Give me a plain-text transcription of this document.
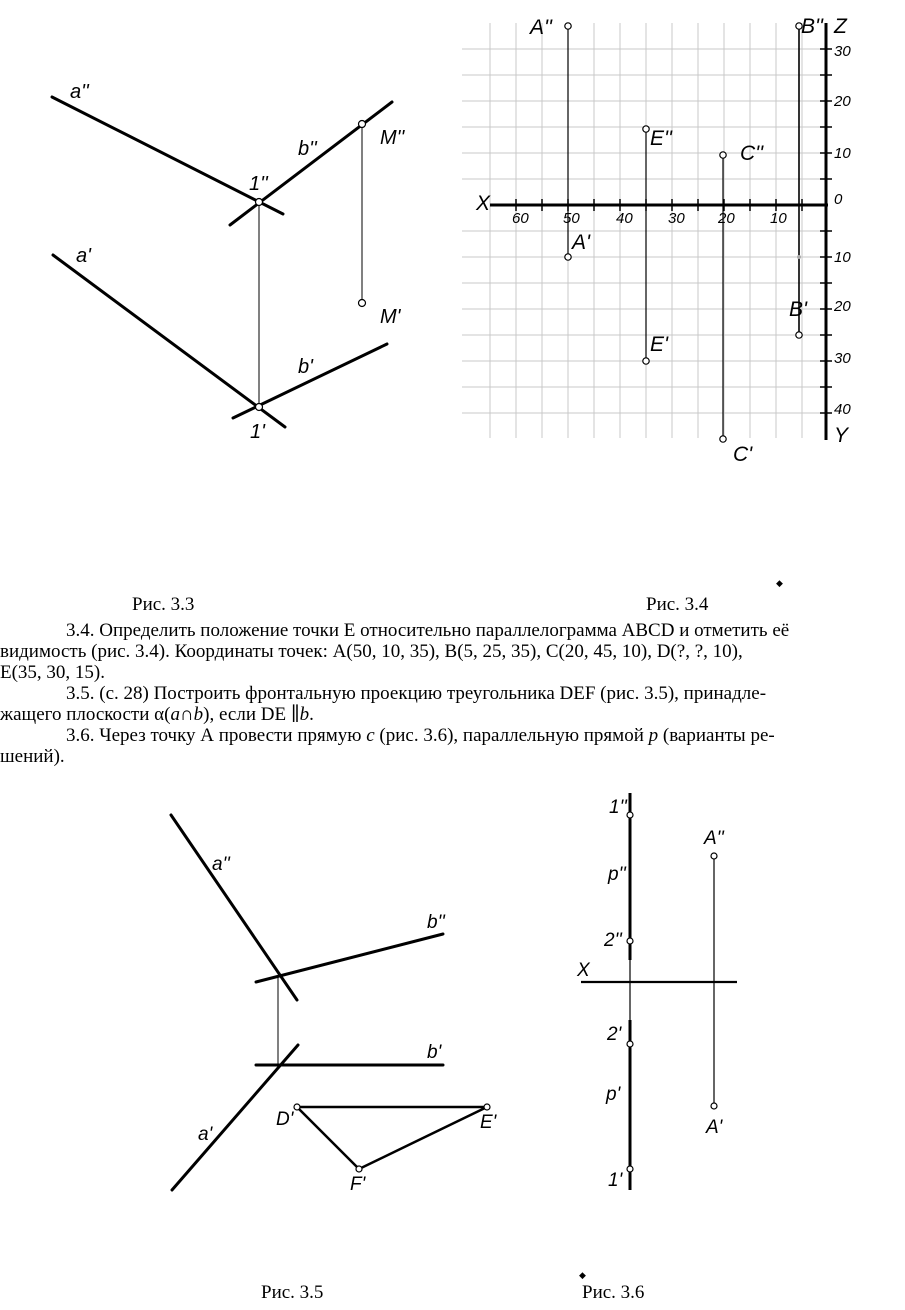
a''
b''	M''
1''
a'
M'
b'
1'
60 50 40 30 20 10
30
20
10
0
10
20
30
40
X
Z
Y
A''	B''
E''
C''
A'
E'
B'
C'
Рис. 3.3	Рис. 3.4
◆

3.4. Определить положение точки Е относительно параллелограмма ABCD и отметить её

видимость (рис. 3.4). Координаты точек: А(50, 10, 35), В(5, 25, 35), С(20, 45, 10), D(?, ?, 10),

Е(35, 30, 15).

3.5. (с. 28) Построить фронтальную проекцию треугольника DEF (рис. 3.5), принадле-

жащего плоскости α(a∩b), если DE ∥b.

3.6. Через точку А провести прямую c (рис. 3.6), параллельную прямой p (варианты ре-

шений).

a''
b''
b'
a'
D'	E'
F'
1''
p''
2''
X
2'
p'
1'
A''
A'
Рис. 3.5	Рис. 3.6
◆
